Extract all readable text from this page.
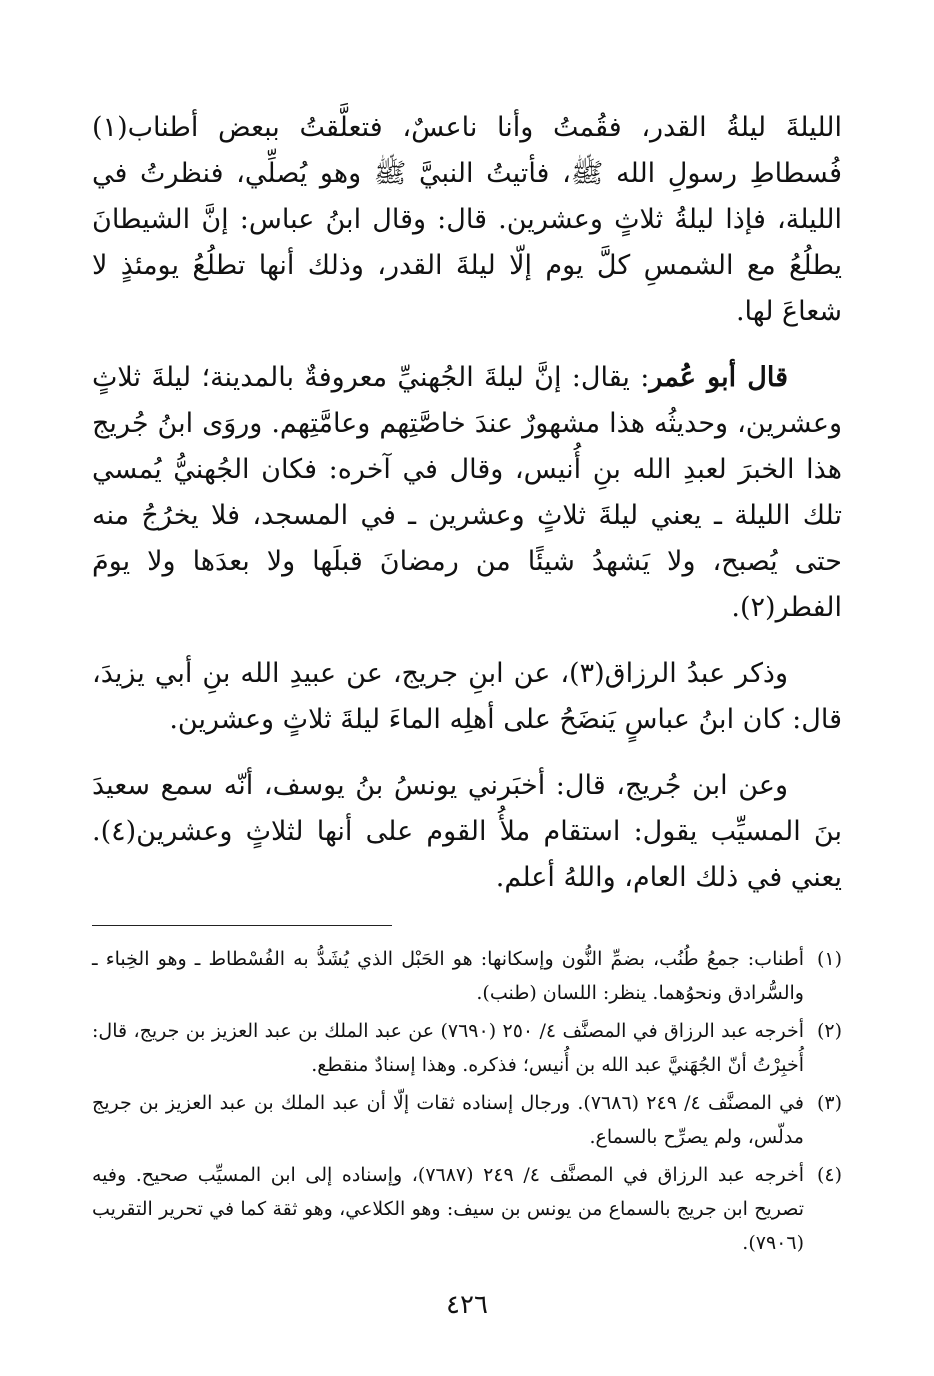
الليلةَ ليلةُ القدر، فقُمتُ وأنا ناعسٌ، فتعلَّقتُ ببعض أطناب(١) فُسطاطِ رسولِ الله ﷺ، فأتيتُ النبيَّ ﷺ وهو يُصلِّي، فنظرتُ في الليلة، فإذا ليلةُ ثلاثٍ وعشرين. قال: وقال ابنُ عباس: إنَّ الشيطانَ يطلُعُ مع الشمسِ كلَّ يوم إلّا ليلةَ القدر، وذلك أنها تطلُعُ يومئذٍ لا شعاعَ لها.

قال أبو عُمر: يقال: إنَّ ليلةَ الجُهنيِّ معروفةٌ بالمدينة؛ ليلةَ ثلاثٍ وعشرين، وحديثُه هذا مشهورٌ عندَ خاصَّتِهم وعامَّتِهم. وروَى ابنُ جُريج هذا الخبرَ لعبدِ الله بنِ أُنيس، وقال في آخره: فكان الجُهنيُّ يُمسي تلك الليلة ـ يعني ليلةَ ثلاثٍ وعشرين ـ في المسجد، فلا يخرُجُ منه حتى يُصبح، ولا يَشهدُ شيئًا من رمضانَ قبلَها ولا بعدَها ولا يومَ الفطر(٢).

وذكر عبدُ الرزاق(٣)، عن ابنِ جريج، عن عبيدِ الله بنِ أبي يزيدَ، قال: كان ابنُ عباسٍ يَنضَحُ على أهلِه الماءَ ليلةَ ثلاثٍ وعشرين.

وعن ابن جُريج، قال: أخبَرني يونسُ بنُ يوسف، أنّه سمع سعيدَ بنَ المسيِّب يقول: استقام ملأُ القوم على أنها لثلاثٍ وعشرين(٤). يعني في ذلك العام، واللهُ أعلم.

(١)أطناب: جمعُ طُنُب، بضمِّ النُّون وإسكانها: هو الحَبْل الذي يُشَدُّ به الفُسْطاط ـ وهو الخِباء ـ والسُّرادق ونحوُهما. ينظر: اللسان (طنب).
(٢)أخرجه عبد الرزاق في المصنَّف ٤/ ٢٥٠ (٧٦٩٠) عن عبد الملك بن عبد العزيز بن جريج، قال: أُخبِرْتُ أنّ الجُهَنيَّ عبد الله بن أُنيس؛ فذكره. وهذا إسنادٌ منقطع.
(٣)في المصنَّف ٤/ ٢٤٩ (٧٦٨٦). ورجال إسناده ثقات إلّا أن عبد الملك بن عبد العزيز بن جريج مدلّس، ولم يصرِّح بالسماع.
(٤)أخرجه عبد الرزاق في المصنَّف ٤/ ٢٤٩ (٧٦٨٧)، وإسناده إلى ابن المسيِّب صحيح. وفيه تصريح ابن جريج بالسماع من يونس بن سيف: وهو الكلاعي، وهو ثقة كما في تحرير التقريب (٧٩٠٦).
٤٢٦
